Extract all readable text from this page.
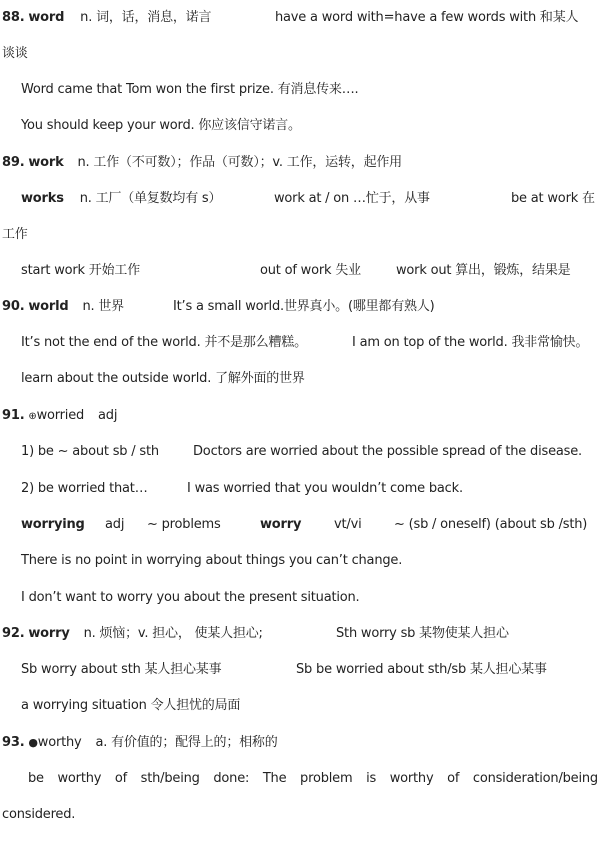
88. word n. 词，话，消息，诺言	have a word with=have a few words with 和某人
谈谈
Word came that Tom won the first prize. 有消息传来….
You should keep your word. 你应该信守诺言。
89. work n. 工作（不可数）；作品（可数）；v. 工作，运转，起作用
works n. 工厂（单复数均有 s）	work at / on …忙于，从事	be at work 在
工作
start work 开始工作	out of work 失业	work out 算出，锻炼，结果是
90. world n. 世界	It’s a small world.世界真小。(哪里都有熟人)
It’s not the end of the world. 并不是那么糟糕。	I am on top of the world. 我非常愉快。
learn about the outside world. 了解外面的世界
91. ⊕worried adj
1) be ~ about sb / sth	Doctors are worried about the possible spread of the disease.
2) be worried that…	I was worried that you wouldn’t come back.
worrying adj ~ problems	worry	vt/vi	~ (sb / oneself) (about sb /sth)
There is no point in worrying about things you can’t change.
I don’t want to worry you about the present situation.
92. worry n. 烦恼；v. 担心， 使某人担心;	Sth worry sb 某物使某人担心
Sb worry about sth 某人担心某事	Sb be worried about sth/sb 某人担心某事
a worrying situation 令人担忧的局面
93. ●worthy a. 有价值的；配得上的；相称的
be worthy of sth/being done: The problem is worthy of consideration/being
considered.
